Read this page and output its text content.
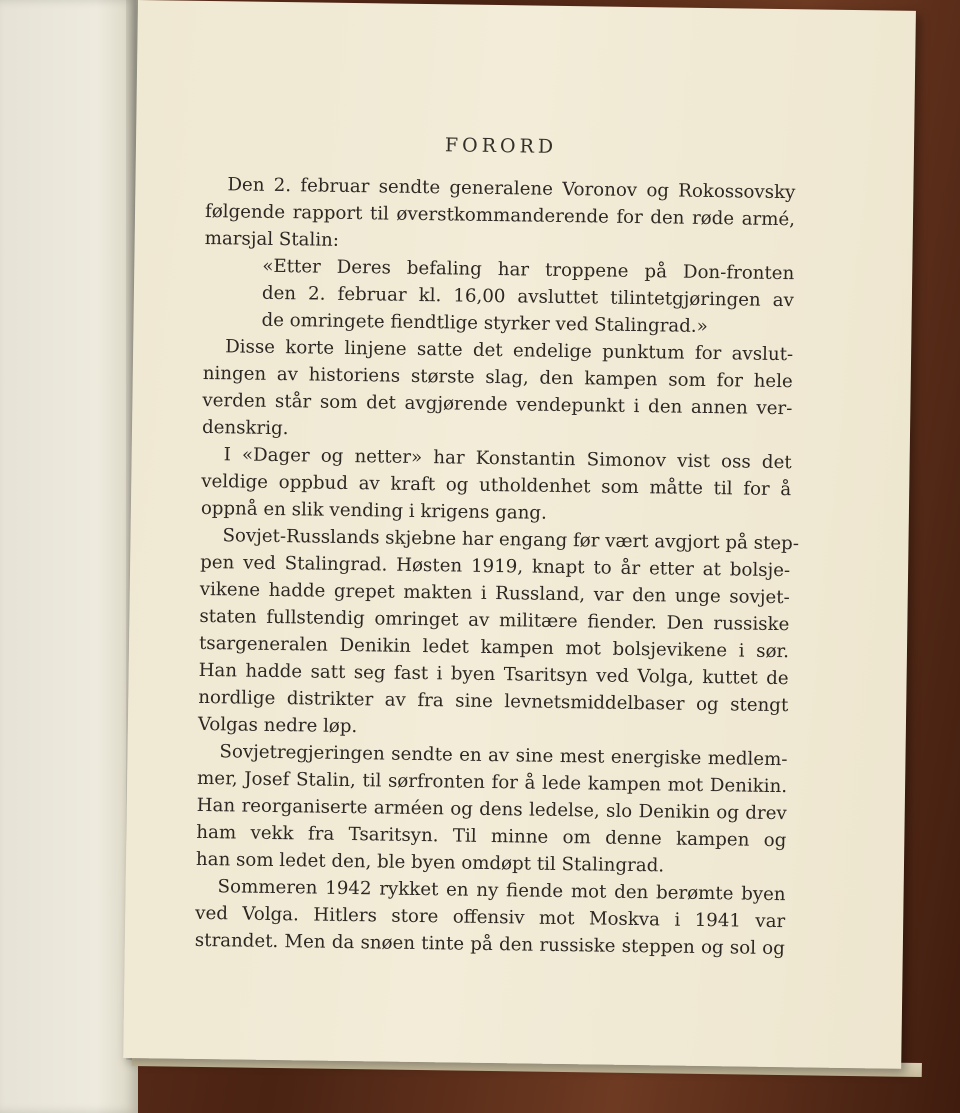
FORORD
Den 2. februar sendte generalene Voronov og Rokossovsky
følgende rapport til øverstkommanderende for den røde armé,
marsjal Stalin:
«Etter Deres befaling har troppene på Don-fronten
den 2. februar kl. 16,00 avsluttet tilintetgjøringen av
de omringete fiendtlige styrker ved Stalingrad.»
Disse korte linjene satte det endelige punktum for avslut-
ningen av historiens største slag, den kampen som for hele
verden står som det avgjørende vendepunkt i den annen ver-
denskrig.
I «Dager og netter» har Konstantin Simonov vist oss det
veldige oppbud av kraft og utholdenhet som måtte til for å
oppnå en slik vending i krigens gang.
Sovjet-Russlands skjebne har engang før vært avgjort på step-
pen ved Stalingrad. Høsten 1919, knapt to år etter at bolsje-
vikene hadde grepet makten i Russland, var den unge sovjet-
staten fullstendig omringet av militære fiender. Den russiske
tsargeneralen Denikin ledet kampen mot bolsjevikene i sør.
Han hadde satt seg fast i byen Tsaritsyn ved Volga, kuttet de
nordlige distrikter av fra sine levnetsmiddelbaser og stengt
Volgas nedre løp.
Sovjetregjeringen sendte en av sine mest energiske medlem-
mer, Josef Stalin, til sørfronten for å lede kampen mot Denikin.
Han reorganiserte arméen og dens ledelse, slo Denikin og drev
ham vekk fra Tsaritsyn. Til minne om denne kampen og
han som ledet den, ble byen omdøpt til Stalingrad.
Sommeren 1942 rykket en ny fiende mot den berømte byen
ved Volga. Hitlers store offensiv mot Moskva i 1941 var
strandet. Men da snøen tinte på den russiske steppen og sol og
